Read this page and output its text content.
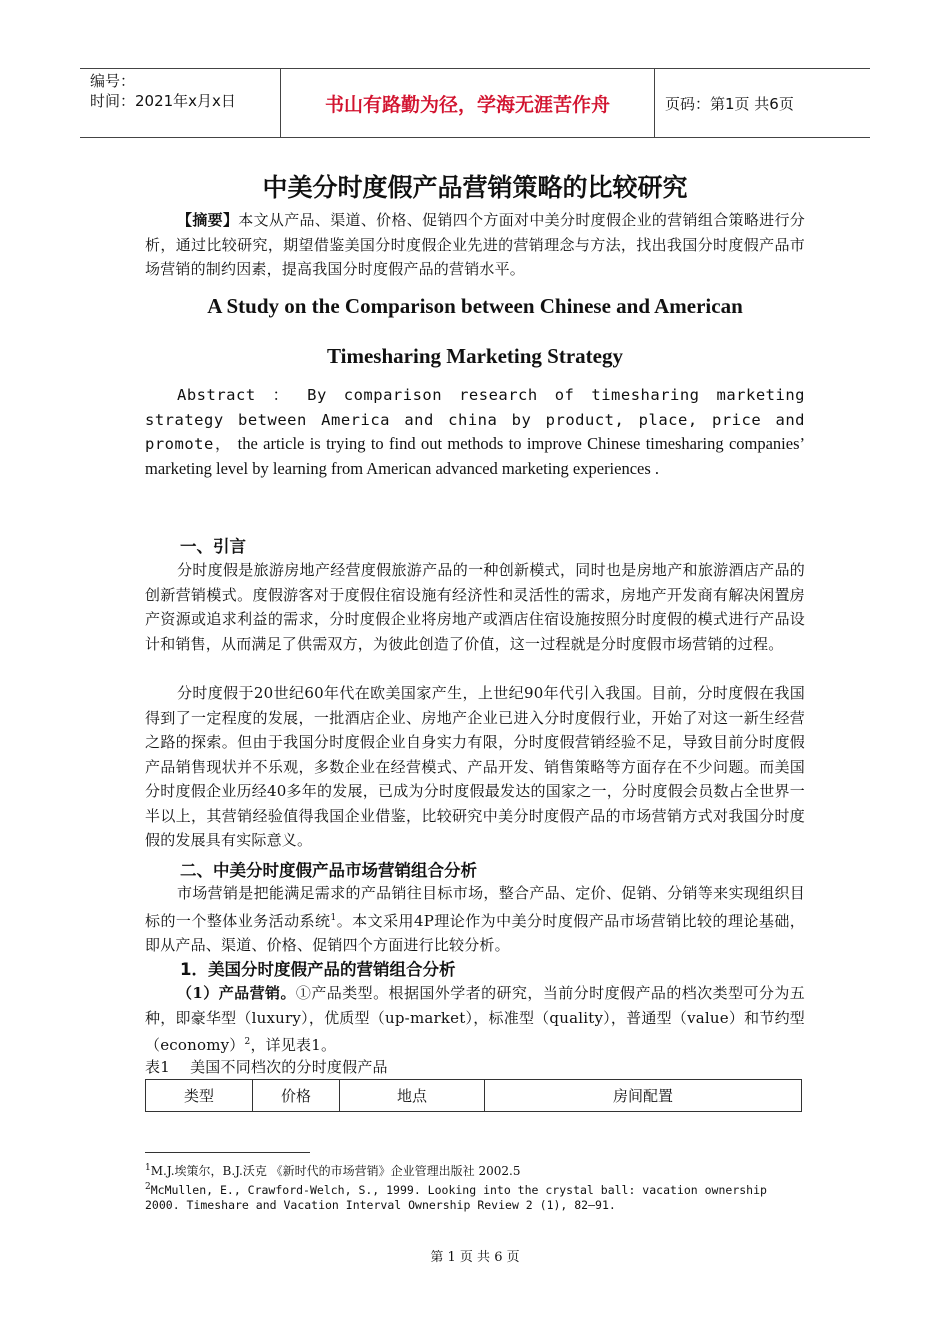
编号：
时间：2021年x月x日	书山有路勤为径，学海无涯苦作舟	页码：第1页 共6页
中美分时度假产品营销策略的比较研究
【摘要】本文从产品、渠道、价格、促销四个方面对中美分时度假企业的营销组合策略进行分析，通过比较研究，期望借鉴美国分时度假企业先进的营销理念与方法，找出我国分时度假产品市场营销的制约因素，提高我国分时度假产品的营销水平。
A Study on the Comparison between Chinese and American
Timesharing Marketing Strategy
Abstract ： By comparison research of timesharing marketing strategy between America and china by product, place, price and promote， the article is trying to find out methods to improve Chinese timesharing companies’ marketing level by learning from American advanced marketing experiences .
一、引言
分时度假是旅游房地产经营度假旅游产品的一种创新模式，同时也是房地产和旅游酒店产品的创新营销模式。度假游客对于度假住宿设施有经济性和灵活性的需求，房地产开发商有解决闲置房产资源或追求利益的需求，分时度假企业将房地产或酒店住宿设施按照分时度假的模式进行产品设计和销售，从而满足了供需双方，为彼此创造了价值，这一过程就是分时度假市场营销的过程。
分时度假于20世纪60年代在欧美国家产生，上世纪90年代引入我国。目前，分时度假在我国得到了一定程度的发展，一批酒店企业、房地产企业已进入分时度假行业，开始了对这一新生经营之路的探索。但由于我国分时度假企业自身实力有限，分时度假营销经验不足，导致目前分时度假产品销售现状并不乐观，多数企业在经营模式、产品开发、销售策略等方面存在不少问题。而美国分时度假企业历经40多年的发展，已成为分时度假最发达的国家之一，分时度假会员数占全世界一半以上，其营销经验值得我国企业借鉴，比较研究中美分时度假产品的市场营销方式对我国分时度假的发展具有实际意义。
二、中美分时度假产品市场营销组合分析
市场营销是把能满足需求的产品销往目标市场，整合产品、定价、促销、分销等来实现组织目标的一个整体业务活动系统$^1$。本文采用4P理论作为中美分时度假产品市场营销比较的理论基础，即从产品、渠道、价格、促销四个方面进行比较分析。
1．美国分时度假产品的营销组合分析
（1）产品营销。①产品类型。根据国外学者的研究，当前分时度假产品的档次类型可分为五种，即豪华型（luxury），优质型（up-market），标准型（quality），普通型（value）和节约型（economy）$^2$，详见表1。
表1　 美国不同档次的分时度假产品
类型	价格	地点	房间配置
$^1$M.J.埃策尔，B.J.沃克 《新时代的市场营销》企业管理出版社 2002.5
$^2$McMullen, E., Crawford-Welch, S., 1999. Looking into the crystal ball: vacation ownership
2000. Timeshare and Vacation Interval Ownership Review 2 (1), 82–91.
第 1 页 共 6 页
